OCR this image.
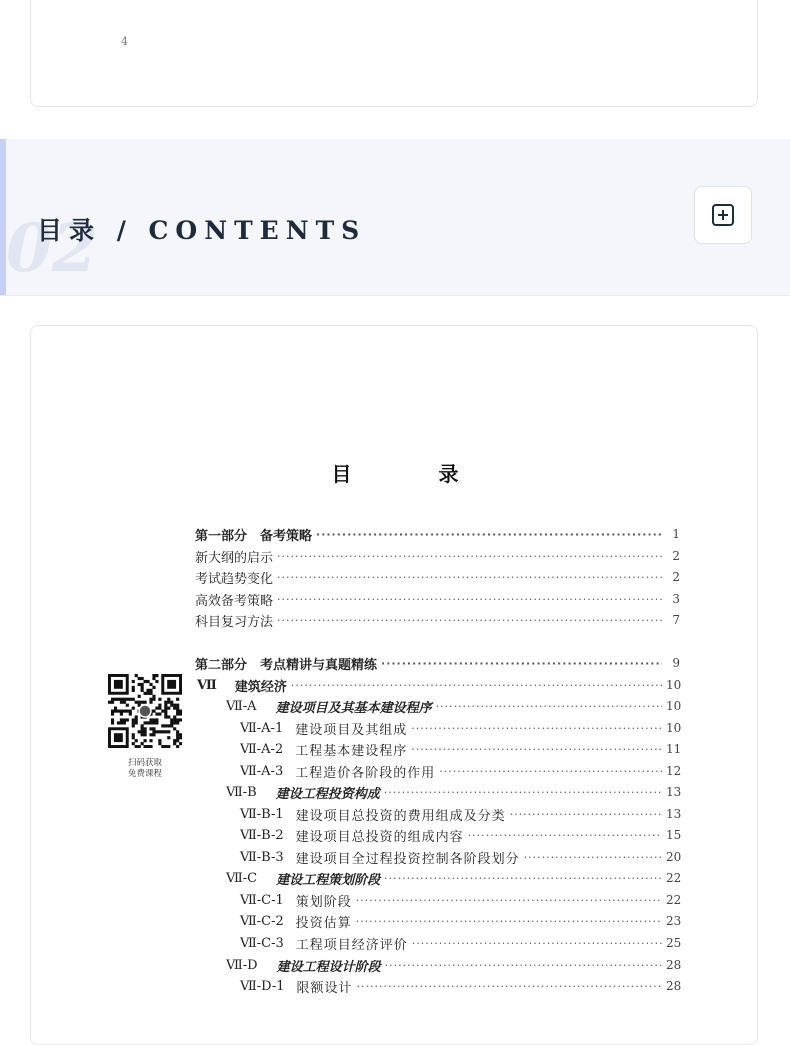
4
02
目录 / CONTENTS
目 录
第一部分　备考策略 ·····	1
新大纲的启示 ·····	2
考试趋势变化 ·····	2
高效备考策略 ·····	3
科目复习方法 ·····	7
第二部分　考点精讲与真题精练 ·····	9
Ⅶ 建筑经济 ·····	10
Ⅶ-A 建设项目及其基本建设程序 ·····	10
Ⅶ-A-1 建设项目及其组成 ·····	10
Ⅶ-A-2 工程基本建设程序 ·····	11
Ⅶ-A-3 工程造价各阶段的作用 ·····	12
Ⅶ-B 建设工程投资构成 ·····	13
Ⅶ-B-1 建设项目总投资的费用组成及分类 ·····	13
Ⅶ-B-2 建设项目总投资的组成内容 ·····	15
Ⅶ-B-3 建设项目全过程投资控制各阶段划分 ·····	20
Ⅶ-C 建设工程策划阶段 ·····	22
Ⅶ-C-1 策划阶段 ·····	22
Ⅶ-C-2 投资估算 ·····	23
Ⅶ-C-3 工程项目经济评价 ·····	25
Ⅶ-D 建设工程设计阶段 ·····	28
Ⅶ-D-1 限额设计 ·····	28
扫码获取
免费课程
